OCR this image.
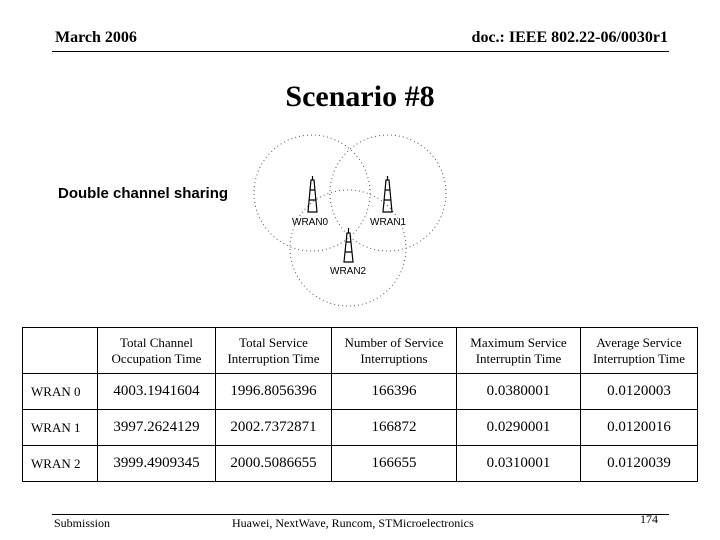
March 2006	doc.: IEEE 802.22-06/0030r1
Scenario #8
Double channel sharing
WRAN0	WRAN1
WRAN2
	Total Channel Occupation Time	Total Service Interruption Time	Number of Service Interruptions	Maximum Service Interruptin Time	Average Service Interruption Time
WRAN 0	4003.1941604	1996.8056396	166396	0.0380001	0.0120003
WRAN 1	3997.2624129	2002.7372871	166872	0.0290001	0.0120016
WRAN 2	3999.4909345	2000.5086655	166655	0.0310001	0.0120039
Submission	Huawei, NextWave, Runcom, STMicroelectronics	174
